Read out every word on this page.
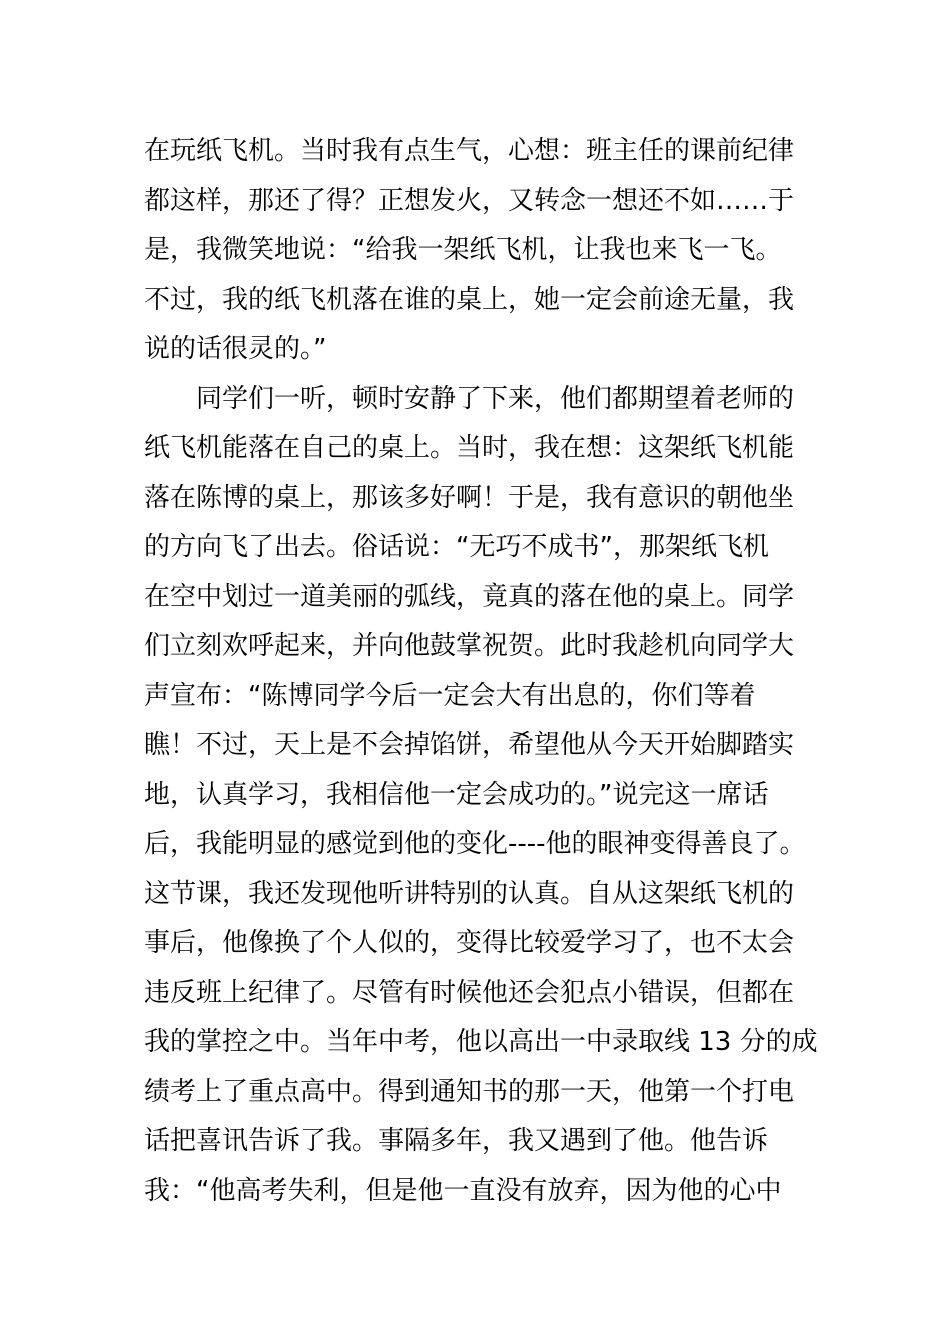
在玩纸飞机。当时我有点生气，心想：班主任的课前纪律
都这样，那还了得？正想发火，又转念一想还不如……于
是，我微笑地说：“给我一架纸飞机，让我也来飞一飞。
不过，我的纸飞机落在谁的桌上，她一定会前途无量，我
说的话很灵的。”
　　同学们一听，顿时安静了下来，他们都期望着老师的
纸飞机能落在自己的桌上。当时，我在想：这架纸飞机能
落在陈博的桌上，那该多好啊！于是，我有意识的朝他坐
的方向飞了出去。俗话说：“无巧不成书”，那架纸飞机
在空中划过一道美丽的弧线，竟真的落在他的桌上。同学
们立刻欢呼起来，并向他鼓掌祝贺。此时我趁机向同学大
声宣布：“陈博同学今后一定会大有出息的，你们等着
瞧！不过，天上是不会掉馅饼，希望他从今天开始脚踏实
地，认真学习，我相信他一定会成功的。”说完这一席话
后，我能明显的感觉到他的变化----他的眼神变得善良了。
这节课，我还发现他听讲特别的认真。自从这架纸飞机的
事后，他像换了个人似的，变得比较爱学习了，也不太会
违反班上纪律了。尽管有时候他还会犯点小错误，但都在
我的掌控之中。当年中考，他以高出一中录取线 13 分的成
绩考上了重点高中。得到通知书的那一天，他第一个打电
话把喜讯告诉了我。事隔多年，我又遇到了他。他告诉
我：“他高考失利，但是他一直没有放弃，因为他的心中
